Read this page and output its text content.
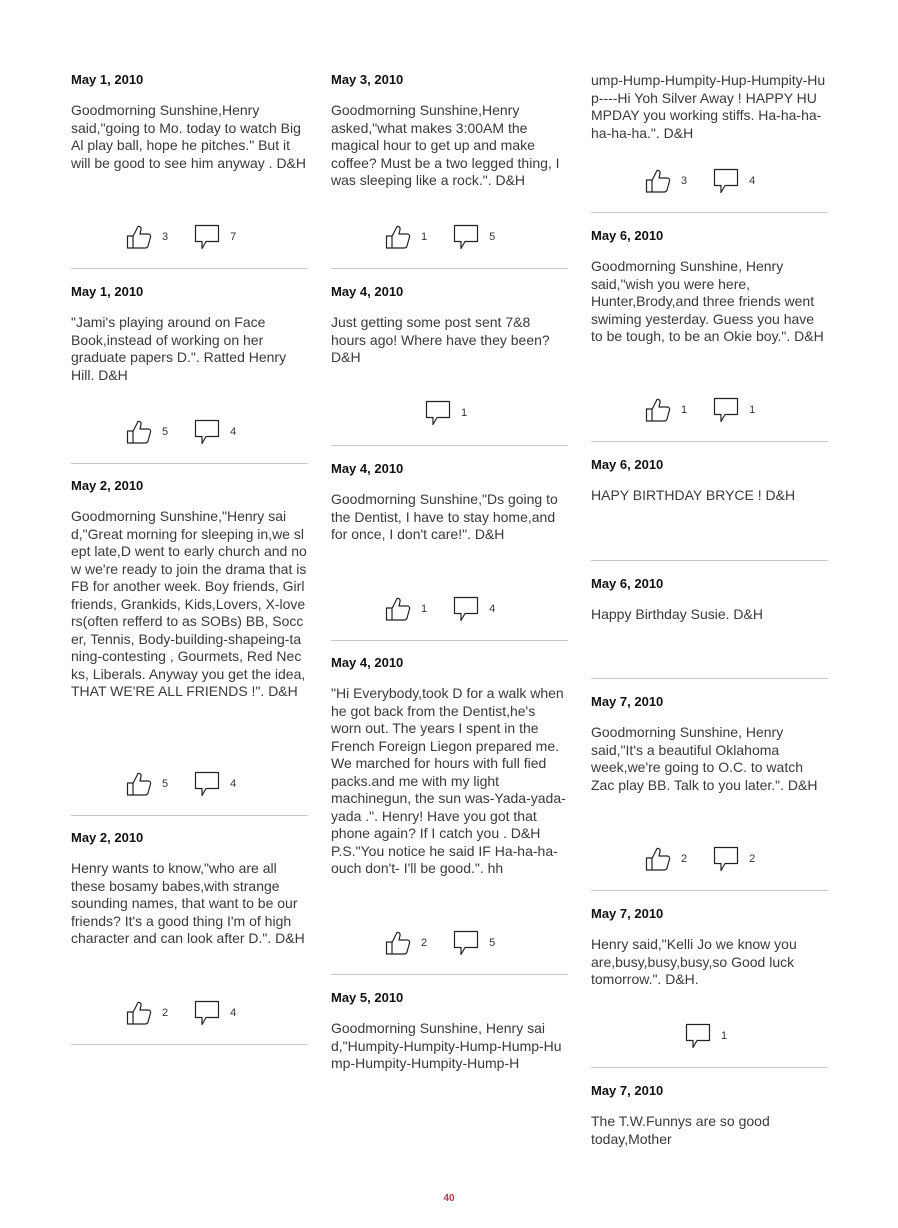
May 1, 2010

Goodmorning Sunshine,Henry said,"going to Mo. today to watch Big Al play ball, hope he pitches." But it will be good to see him anyway . D&H

3	7

May 1, 2010

"Jami's playing around on Face Book,instead of working on her graduate papers D.". Ratted Henry Hill. D&H

5	4

May 2, 2010

Goodmorning Sunshine,"Henry said,"Great morning for sleeping in,we slept late,D went to early church and now we're ready to join the drama that is FB for another week. Boy friends, Girl friends, Grankids, Kids,Lovers, X-lovers(often refferd to as SOBs) BB, Soccer, Tennis, Body-building-shapeing-taning-contesting , Gourmets, Red Necks, Liberals. Anyway you get the idea, THAT WE'RE ALL FRIENDS !". D&H

5	4

May 2, 2010

Henry wants to know,"who are all these bosamy babes,with strange sounding names, that want to be our friends? It's a good thing I'm of high character and can look after D.". D&H

2	4

May 3, 2010

Goodmorning Sunshine,Henry asked,"what makes 3:00AM the magical hour to get up and make coffee? Must be a two legged thing, I was sleeping like a rock.". D&H

1	5

May 4, 2010

Just getting some post sent 7&8 hours ago! Where have they been? D&H

1

May 4, 2010

Goodmorning Sunshine,"Ds going to the Dentist, I have to stay home,and for once, I don't care!". D&H

1	4

May 4, 2010

"Hi Everybody,took D for a walk when he got back from the Dentist,he's worn out. The years I spent in the French Foreign Liegon prepared me. We marched for hours with full fied packs.and me with my light machinegun, the sun was-Yada-yada-yada .". Henry! Have you got that phone again? If I catch you . D&H P.S."You notice he said IF Ha-ha-ha- ouch don't- I'll be good.". hh

2	5

May 5, 2010

Goodmorning Sunshine, Henry said,"Humpity-Humpity-Hump-Hump-Hump-Humpity-Humpity-Hump-H

ump-Hump-Humpity-Hup-Humpity-Hup----Hi Yoh Silver Away ! HAPPY HUMPDAY you working stiffs. Ha-ha-ha-ha-ha-ha.". D&H

3	4

May 6, 2010

Goodmorning Sunshine, Henry said,"wish you were here, Hunter,Brody,and three friends went swiming yesterday. Guess you have to be tough, to be an Okie boy.". D&H

1	1

May 6, 2010

HAPY BIRTHDAY BRYCE ! D&H

May 6, 2010

Happy Birthday Susie. D&H

May 7, 2010

Goodmorning Sunshine, Henry said,"It's a beautiful Oklahoma week,we're going to O.C. to watch Zac play BB. Talk to you later.". D&H

2	2

May 7, 2010

Henry said,"Kelli Jo we know you are,busy,busy,busy,so Good luck tomorrow.". D&H.

1

May 7, 2010

The T.W.Funnys are so good today,Mother

40
